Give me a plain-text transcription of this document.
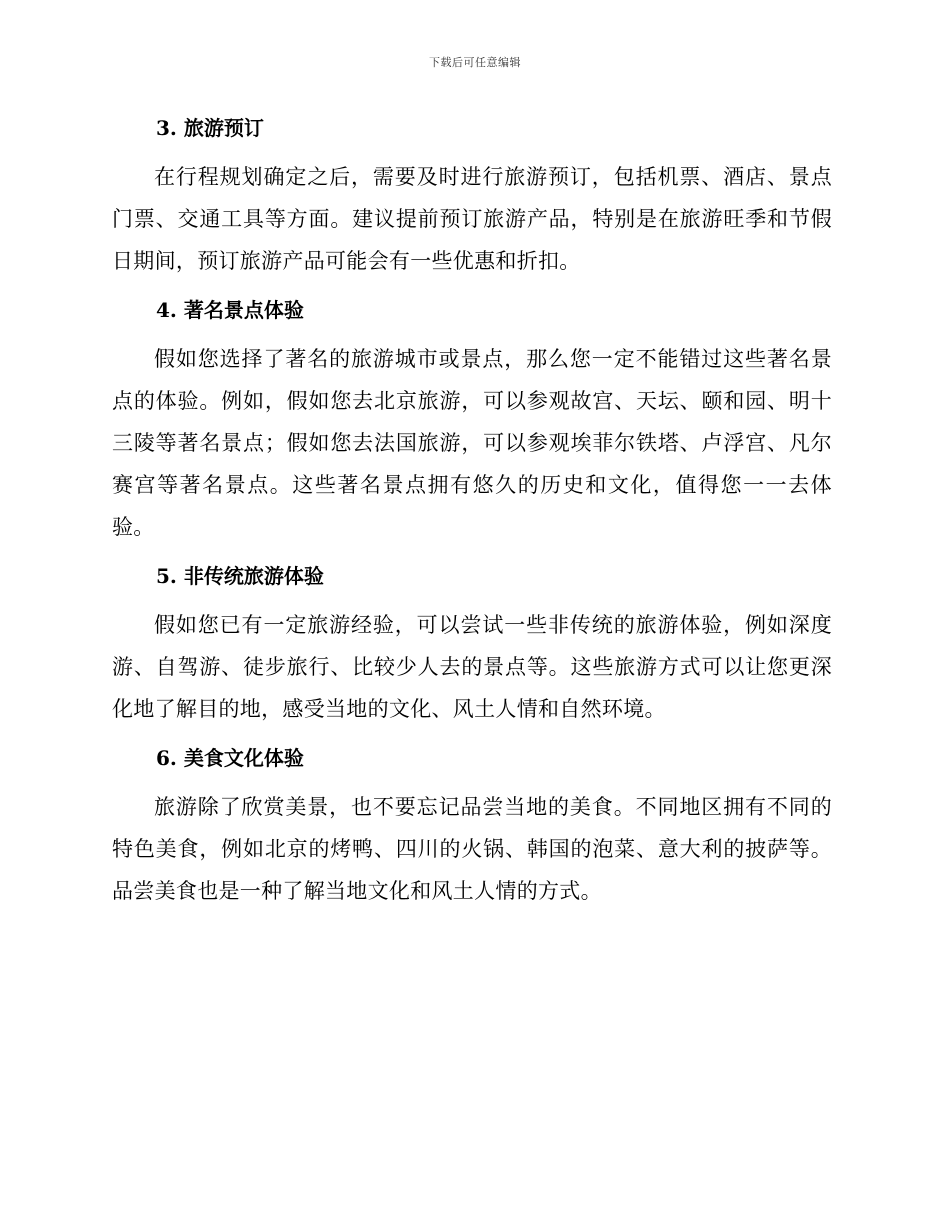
下载后可任意编辑
3. 旅游预订

在行程规划确定之后，需要及时进行旅游预订，包括机票、酒店、景点门票、交通工具等方面。建议提前预订旅游产品，特别是在旅游旺季和节假日期间，预订旅游产品可能会有一些优惠和折扣。

4. 著名景点体验

假如您选择了著名的旅游城市或景点，那么您一定不能错过这些著名景点的体验。例如，假如您去北京旅游，可以参观故宫、天坛、颐和园、明十三陵等著名景点；假如您去法国旅游，可以参观埃菲尔铁塔、卢浮宫、凡尔赛宫等著名景点。这些著名景点拥有悠久的历史和文化，值得您一一去体验。

5. 非传统旅游体验

假如您已有一定旅游经验，可以尝试一些非传统的旅游体验，例如深度游、自驾游、徒步旅行、比较少人去的景点等。这些旅游方式可以让您更深化地了解目的地，感受当地的文化、风土人情和自然环境。

6. 美食文化体验

旅游除了欣赏美景，也不要忘记品尝当地的美食。不同地区拥有不同的特色美食，例如北京的烤鸭、四川的火锅、韩国的泡菜、意大利的披萨等。品尝美食也是一种了解当地文化和风土人情的方式。
